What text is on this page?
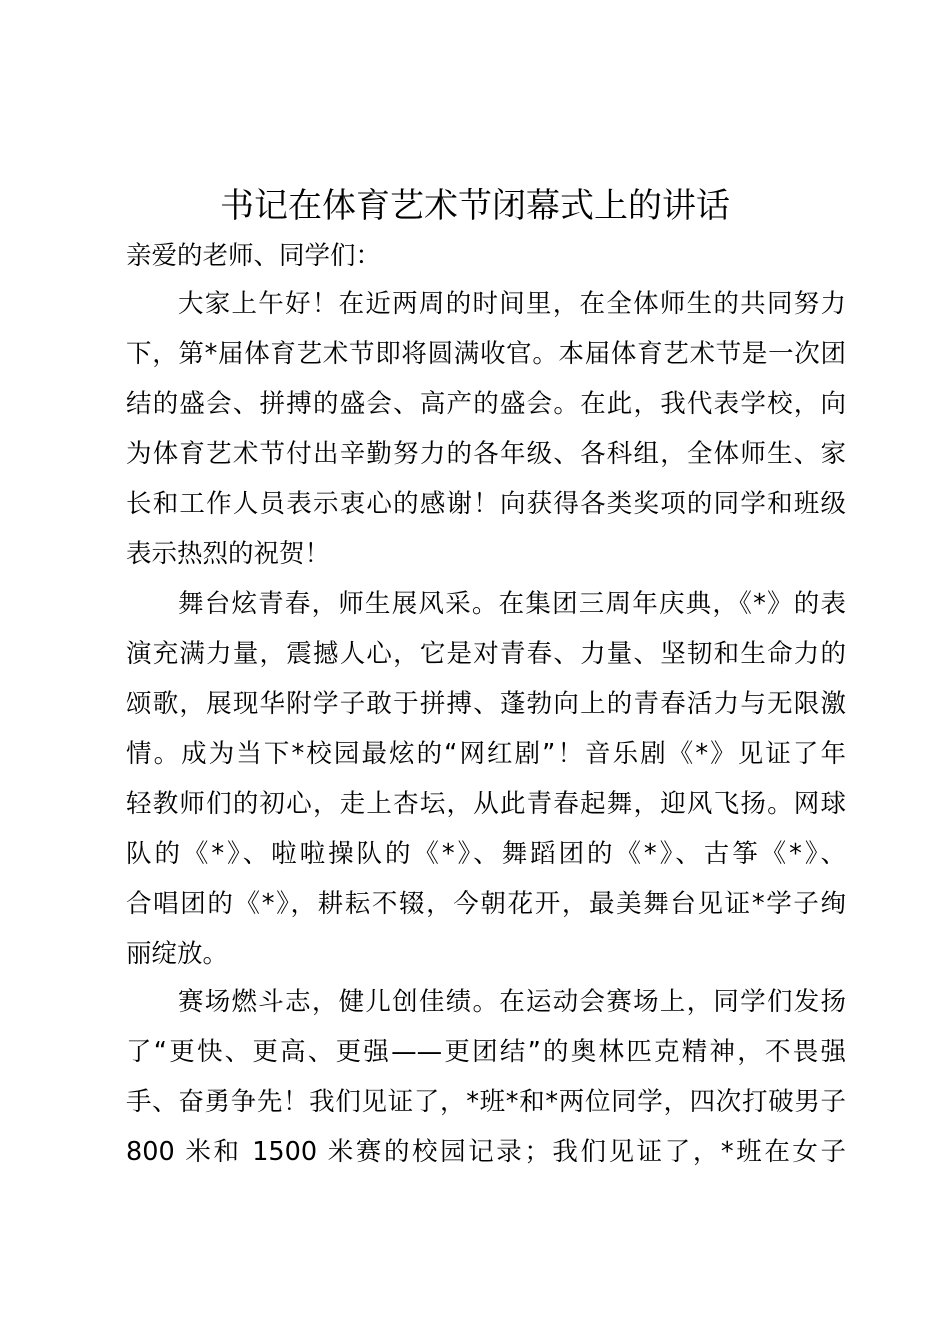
书记在体育艺术节闭幕式上的讲话
亲爱的老师、同学们：
大家上午好！在近两周的时间里，在全体师生的共同努力
下，第*届体育艺术节即将圆满收官。本届体育艺术节是一次团
结的盛会、拼搏的盛会、高产的盛会。在此，我代表学校，向
为体育艺术节付出辛勤努力的各年级、各科组，全体师生、家
长和工作人员表示衷心的感谢！向获得各类奖项的同学和班级
表示热烈的祝贺！
舞台炫青春，师生展风采。在集团三周年庆典，《*》的表
演充满力量，震撼人心，它是对青春、力量、坚韧和生命力的
颂歌，展现华附学子敢于拼搏、蓬勃向上的青春活力与无限激
情。成为当下*校园最炫的“网红剧”！音乐剧《*》见证了年
轻教师们的初心，走上杏坛，从此青春起舞，迎风飞扬。网球
队的《*》、啦啦操队的《*》、舞蹈团的《*》、古筝《*》、
合唱团的《*》，耕耘不辍，今朝花开，最美舞台见证*学子绚
丽绽放。
赛场燃斗志，健儿创佳绩。在运动会赛场上，同学们发扬
了“更快、更高、更强——更团结”的奥林匹克精神，不畏强
手、奋勇争先！我们见证了，*班*和*两位同学，四次打破男子
800 米和 1500 米赛的校园记录；我们见证了，*班在女子
